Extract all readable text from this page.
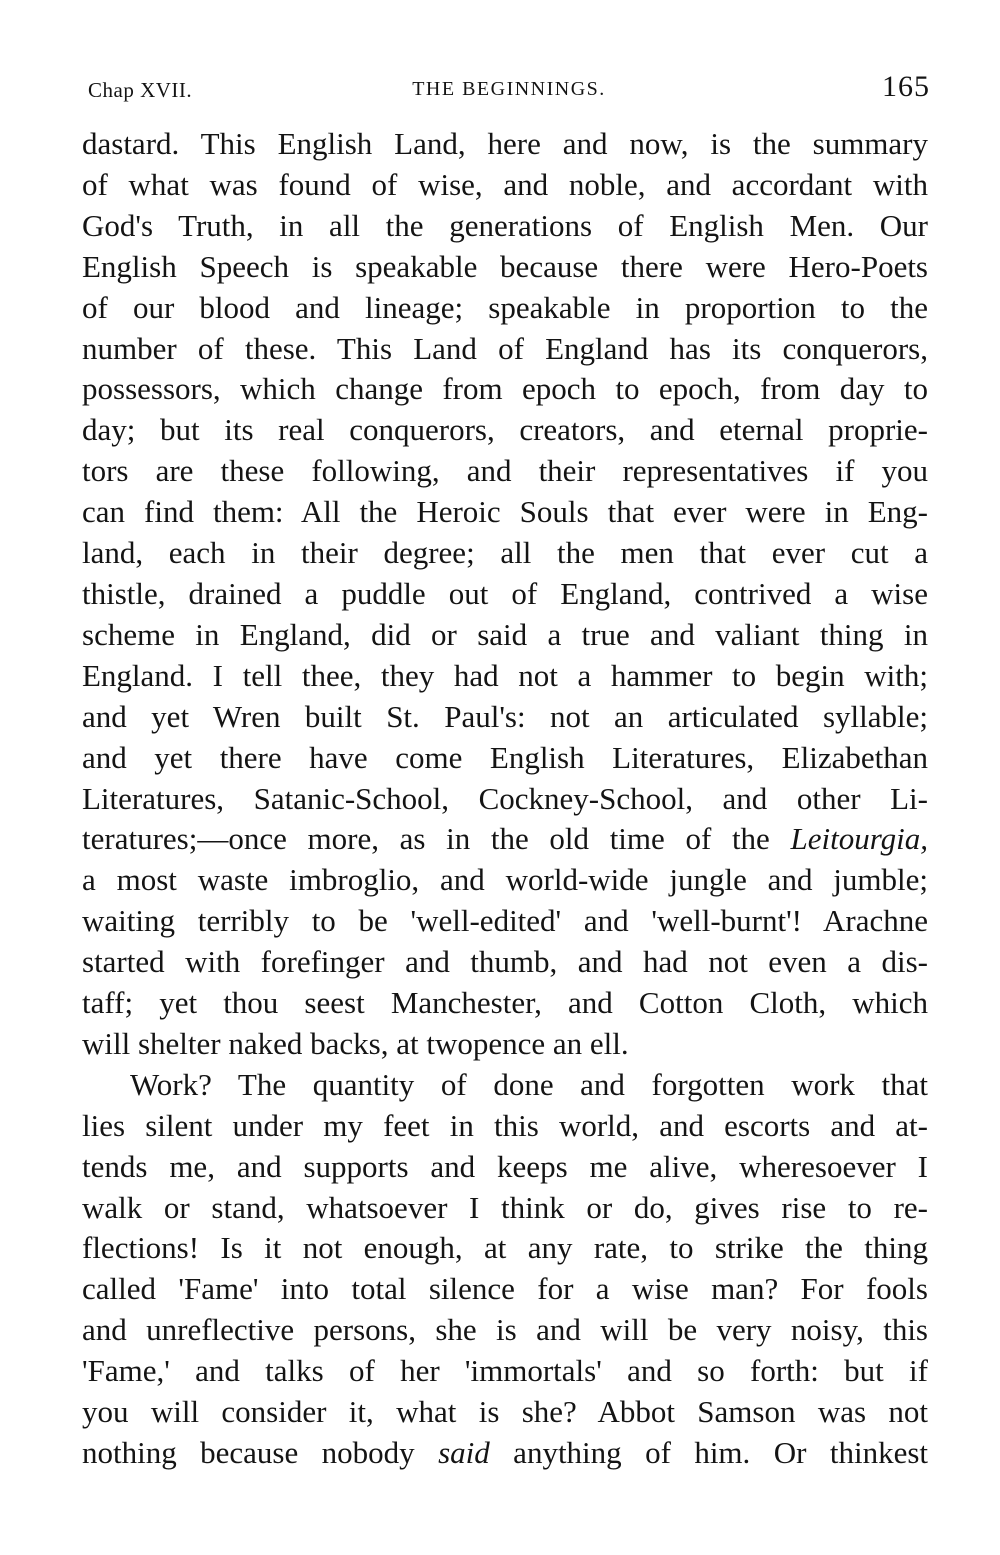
Chap XVII.	THE BEGINNINGS.	165
dastard. This English Land, here and now, is the summary
of what was found of wise, and noble, and accordant with
God's Truth, in all the generations of English Men. Our
English Speech is speakable because there were Hero-Poets
of our blood and lineage; speakable in proportion to the
number of these. This Land of England has its conquerors,
possessors, which change from epoch to epoch, from day to
day; but its real conquerors, creators, and eternal proprie-
tors are these following, and their representatives if you
can find them: All the Heroic Souls that ever were in Eng-
land, each in their degree; all the men that ever cut a
thistle, drained a puddle out of England, contrived a wise
scheme in England, did or said a true and valiant thing in
England. I tell thee, they had not a hammer to begin with;
and yet Wren built St. Paul's: not an articulated syllable;
and yet there have come English Literatures, Elizabethan
Literatures, Satanic-School, Cockney-School, and other Li-
teratures;—once more, as in the old time of the Leitourgia,
a most waste imbroglio, and world-wide jungle and jumble;
waiting terribly to be 'well-edited' and 'well-burnt'! Arachne
started with forefinger and thumb, and had not even a dis-
taff; yet thou seest Manchester, and Cotton Cloth, which
will shelter naked backs, at twopence an ell.
Work? The quantity of done and forgotten work that
lies silent under my feet in this world, and escorts and at-
tends me, and supports and keeps me alive, wheresoever I
walk or stand, whatsoever I think or do, gives rise to re-
flections! Is it not enough, at any rate, to strike the thing
called 'Fame' into total silence for a wise man? For fools
and unreflective persons, she is and will be very noisy, this
'Fame,' and talks of her 'immortals' and so forth: but if
you will consider it, what is she? Abbot Samson was not
nothing because nobody said anything of him. Or thinkest
